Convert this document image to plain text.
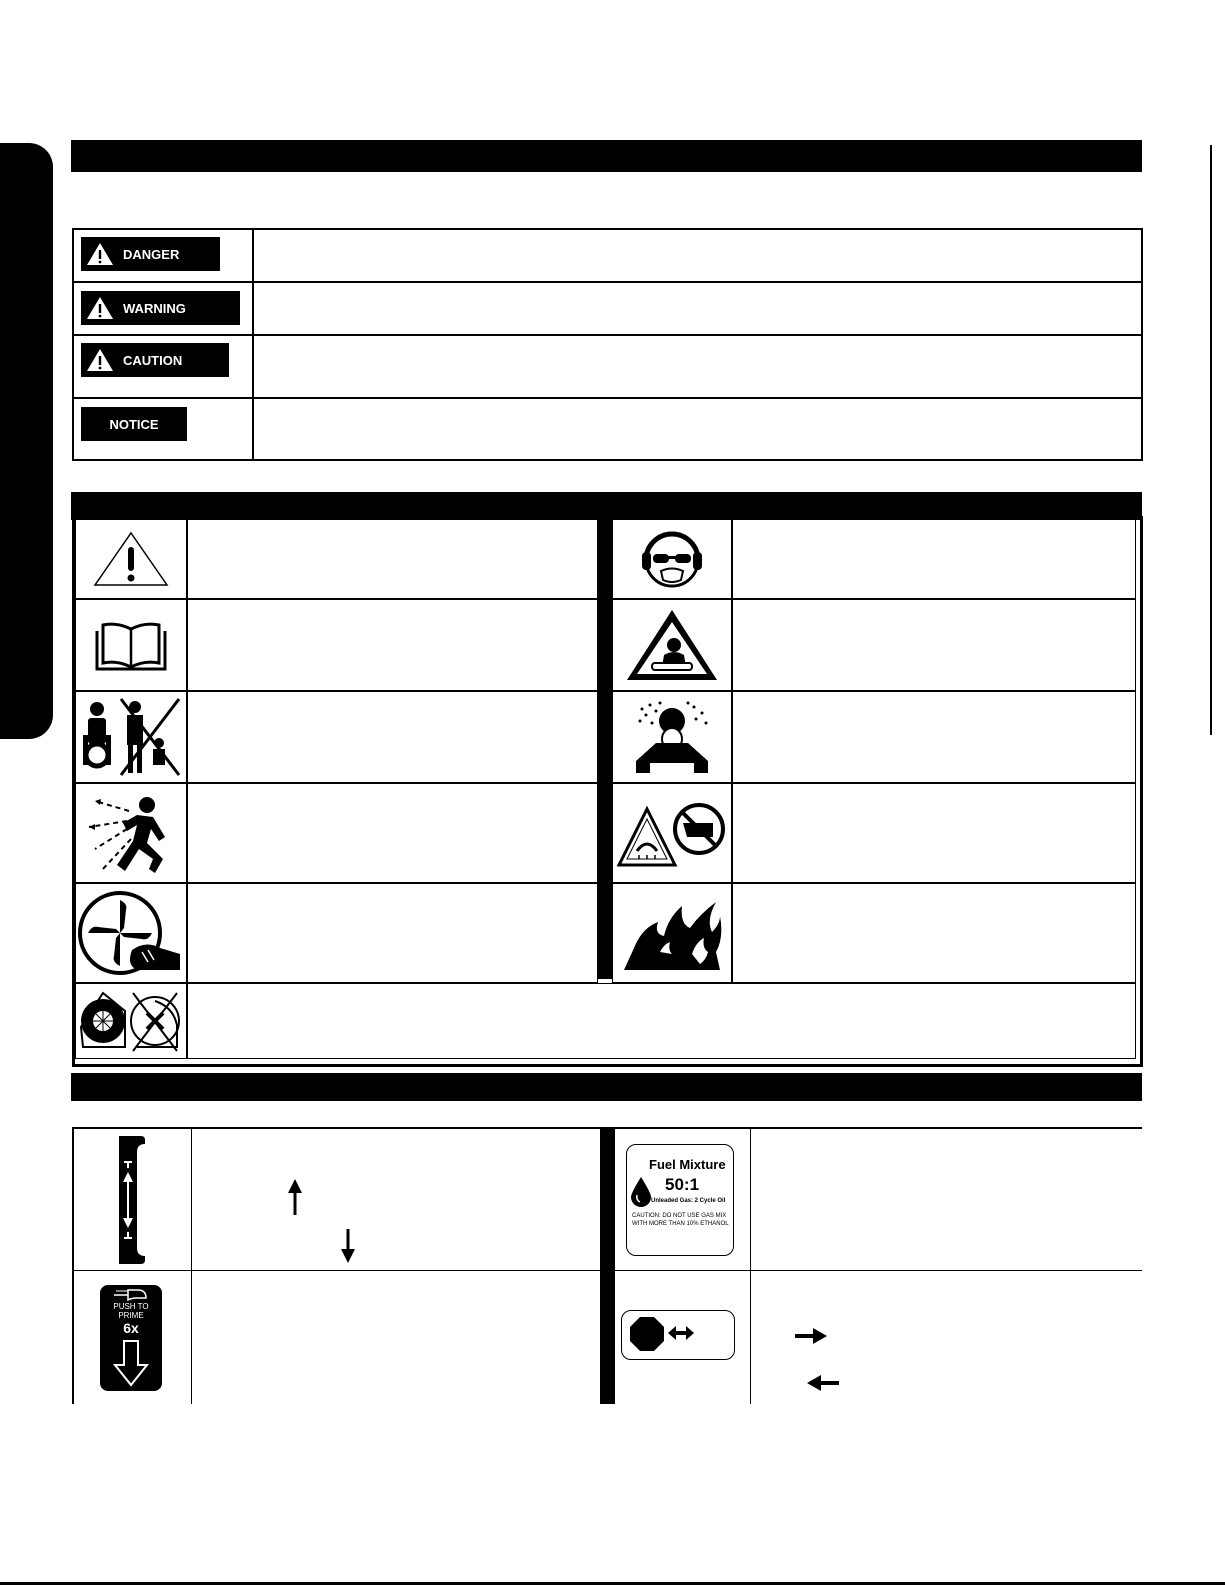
DANGER	

WARNING	

CAUTION	

NOTICE	

Fuel Mixture
50:1
Unleaded Gas: 2 Cycle Oil
CAUTION: DO NOT USE GAS MIX WITH MORE THAN 10% ETHANOL
PUSH TO
PRIME
6x
